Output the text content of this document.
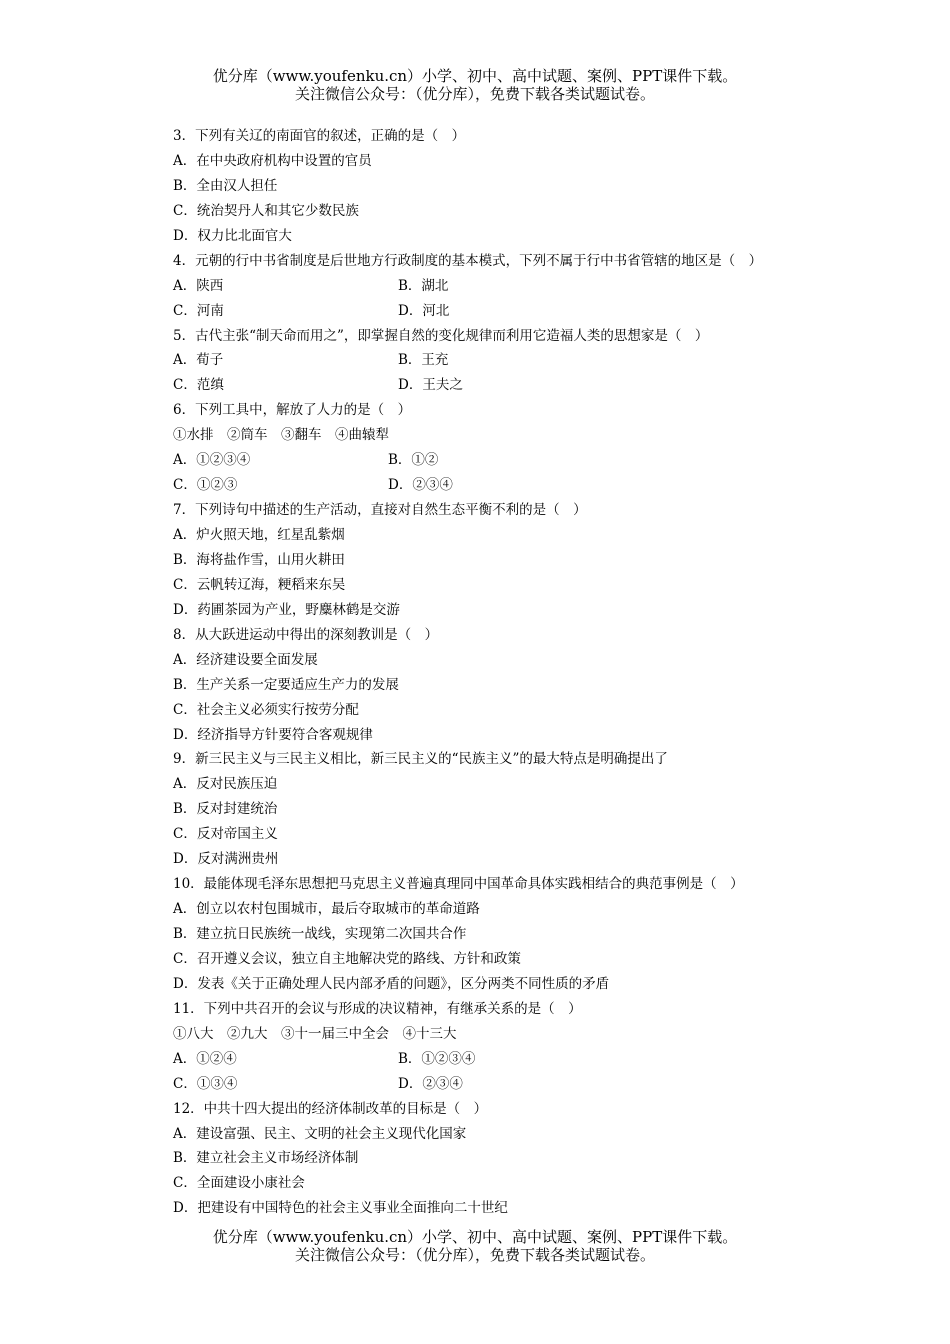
优分库（www.youfenku.cn）小学、初中、高中试题、案例、PPT课件下载。
关注微信公众号：（优分库），免费下载各类试题试卷。
3．下列有关辽的南面官的叙述，正确的是（　）
A．在中央政府机构中设置的官员
B．全由汉人担任
C．统治契丹人和其它少数民族
D．权力比北面官大
4．元朝的行中书省制度是后世地方行政制度的基本模式，下列不属于行中书省管辖的地区是（　）
A．陕西	B．湖北
C．河南	D．河北
5．古代主张“制天命而用之”，即掌握自然的变化规律而利用它造福人类的思想家是（　）
A．荀子	B．王充
C．范缜	D．王夫之
6．下列工具中，解放了人力的是（　）
①水排　②筒车　③翻车　④曲辕犁
A．①②③④	B．①②
C．①②③	D．②③④
7．下列诗句中描述的生产活动，直接对自然生态平衡不利的是（　）
A．炉火照天地，红星乱紫烟
B．海将盐作雪，山用火耕田
C．云帆转辽海，粳稻来东吴
D．药圃茶园为产业，野麋林鹤是交游
8．从大跃进运动中得出的深刻教训是（　）
A．经济建设要全面发展
B．生产关系一定要适应生产力的发展
C．社会主义必须实行按劳分配
D．经济指导方针要符合客观规律
9．新三民主义与三民主义相比，新三民主义的“民族主义”的最大特点是明确提出了
A．反对民族压迫
B．反对封建统治
C．反对帝国主义
D．反对满洲贵州
10．最能体现毛泽东思想把马克思主义普遍真理同中国革命具体实践相结合的典范事例是（　）
A．创立以农村包围城市，最后夺取城市的革命道路
B．建立抗日民族统一战线，实现第二次国共合作
C．召开遵义会议，独立自主地解决党的路线、方针和政策
D．发表《关于正确处理人民内部矛盾的问题》，区分两类不同性质的矛盾
11．下列中共召开的会议与形成的决议精神，有继承关系的是（　）
①八大　②九大　③十一届三中全会　④十三大
A．①②④	B．①②③④
C．①③④	D．②③④
12．中共十四大提出的经济体制改革的目标是（　）
A．建设富强、民主、文明的社会主义现代化国家
B．建立社会主义市场经济体制
C．全面建设小康社会
D．把建设有中国特色的社会主义事业全面推向二十世纪
优分库（www.youfenku.cn）小学、初中、高中试题、案例、PPT课件下载。
关注微信公众号：（优分库），免费下载各类试题试卷。
